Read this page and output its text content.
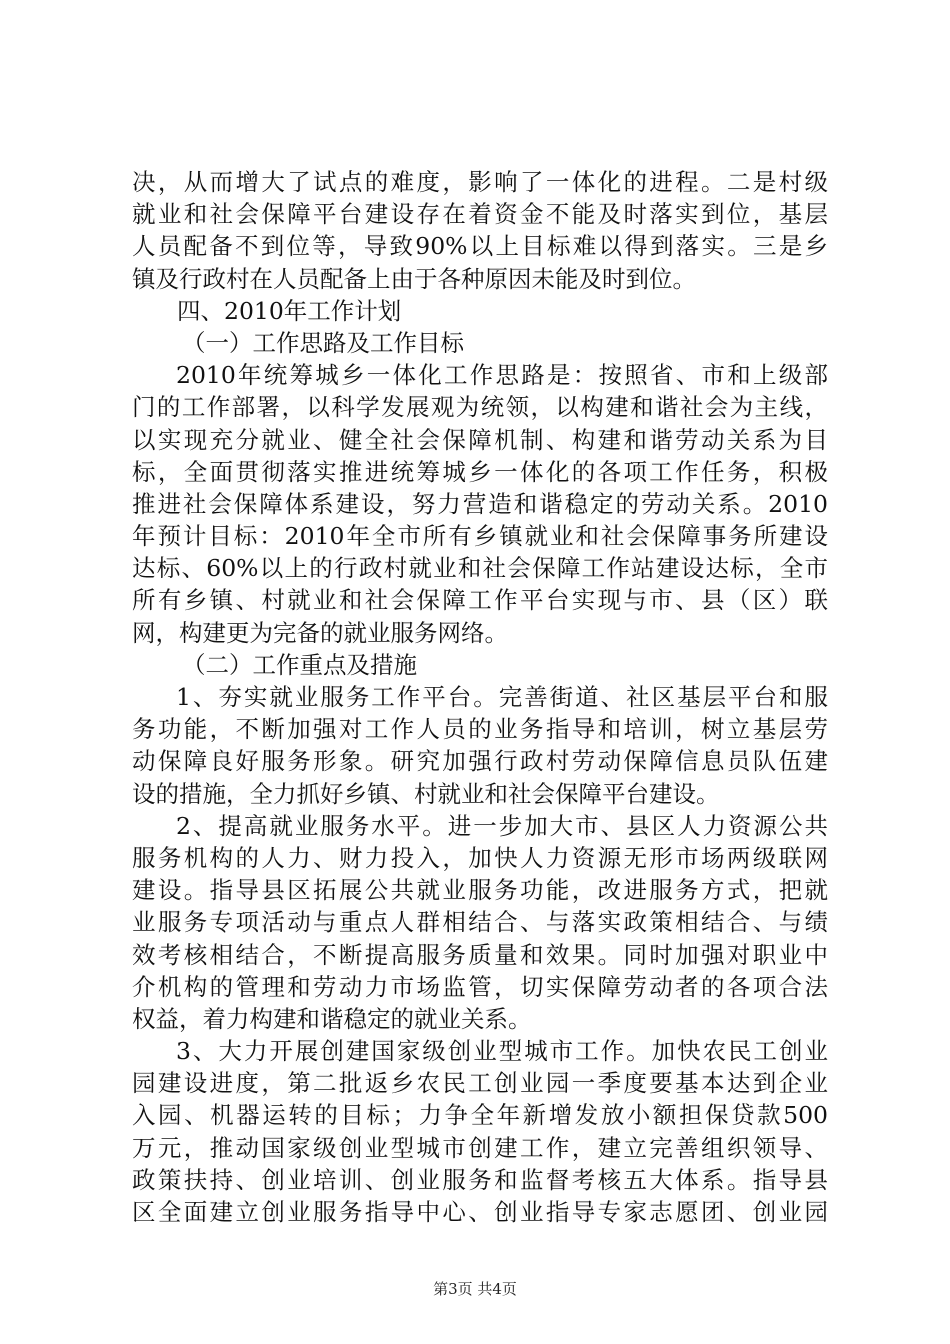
决，从而增大了试点的难度，影响了一体化的进程。二是村级
就业和社会保障平台建设存在着资金不能及时落实到位，基层
人员配备不到位等，导致90%以上目标难以得到落实。三是乡
镇及行政村在人员配备上由于各种原因未能及时到位。
四、2010年工作计划
（一）工作思路及工作目标
2010年统筹城乡一体化工作思路是：按照省、市和上级部
门的工作部署，以科学发展观为统领，以构建和谐社会为主线，
以实现充分就业、健全社会保障机制、构建和谐劳动关系为目
标，全面贯彻落实推进统筹城乡一体化的各项工作任务，积极
推进社会保障体系建设，努力营造和谐稳定的劳动关系。2010
年预计目标：2010年全市所有乡镇就业和社会保障事务所建设
达标、60%以上的行政村就业和社会保障工作站建设达标，全市
所有乡镇、村就业和社会保障工作平台实现与市、县（区）联
网，构建更为完备的就业服务网络。
（二）工作重点及措施
1、夯实就业服务工作平台。完善街道、社区基层平台和服
务功能，不断加强对工作人员的业务指导和培训，树立基层劳
动保障良好服务形象。研究加强行政村劳动保障信息员队伍建
设的措施，全力抓好乡镇、村就业和社会保障平台建设。
2、提高就业服务水平。进一步加大市、县区人力资源公共
服务机构的人力、财力投入，加快人力资源无形市场两级联网
建设。指导县区拓展公共就业服务功能，改进服务方式，把就
业服务专项活动与重点人群相结合、与落实政策相结合、与绩
效考核相结合，不断提高服务质量和效果。同时加强对职业中
介机构的管理和劳动力市场监管，切实保障劳动者的各项合法
权益，着力构建和谐稳定的就业关系。
3、大力开展创建国家级创业型城市工作。加快农民工创业
园建设进度，第二批返乡农民工创业园一季度要基本达到企业
入园、机器运转的目标；力争全年新增发放小额担保贷款500
万元，推动国家级创业型城市创建工作，建立完善组织领导、
政策扶持、创业培训、创业服务和监督考核五大体系。指导县
区全面建立创业服务指导中心、创业指导专家志愿团、创业园
第3页 共4页
